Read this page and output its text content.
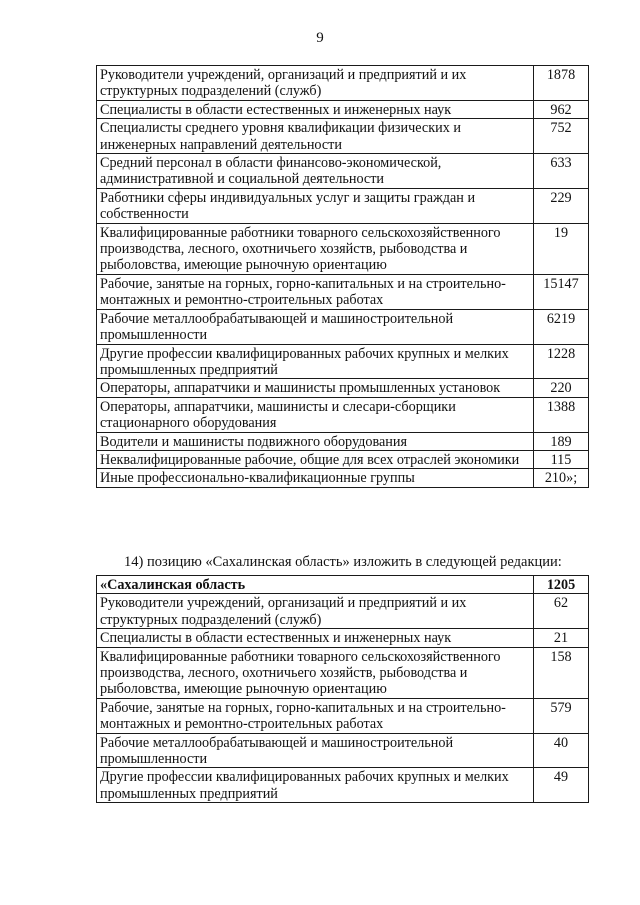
9
Руководители учреждений, организаций и предприятий и их структурных подразделений (служб)	1878
Специалисты в области естественных и инженерных наук	962
Специалисты среднего уровня квалификации физических и инженерных направлений деятельности	752
Средний персонал в области финансово-экономической, административной и социальной деятельности	633
Работники сферы индивидуальных услуг и защиты граждан и собственности	229
Квалифицированные работники товарного сельскохозяйственного производства, лесного, охотничьего хозяйств, рыбоводства и рыболовства, имеющие рыночную ориентацию	19
Рабочие, занятые на горных, горно-капитальных и на строительно-монтажных и ремонтно-строительных работах	15147
Рабочие металлообрабатывающей и машиностроительной промышленности	6219
Другие профессии квалифицированных рабочих крупных и мелких промышленных предприятий	1228
Операторы, аппаратчики и машинисты промышленных установок	220
Операторы, аппаратчики, машинисты и слесари-сборщики стационарного оборудования	1388
Водители и машинисты подвижного оборудования	189
Неквалифицированные рабочие, общие для всех отраслей экономики	115
Иные профессионально-квалификационные группы	210»;
14) позицию «Сахалинская область» изложить в следующей редакции:
«Сахалинская область	1205
Руководители учреждений, организаций и предприятий и их структурных подразделений (служб)	62
Специалисты в области естественных и инженерных наук	21
Квалифицированные работники товарного сельскохозяйственного производства, лесного, охотничьего хозяйств, рыбоводства и рыболовства, имеющие рыночную ориентацию	158
Рабочие, занятые на горных, горно-капитальных и на строительно-монтажных и ремонтно-строительных работах	579
Рабочие металлообрабатывающей и машиностроительной промышленности	40
Другие профессии квалифицированных рабочих крупных и мелких промышленных предприятий	49
